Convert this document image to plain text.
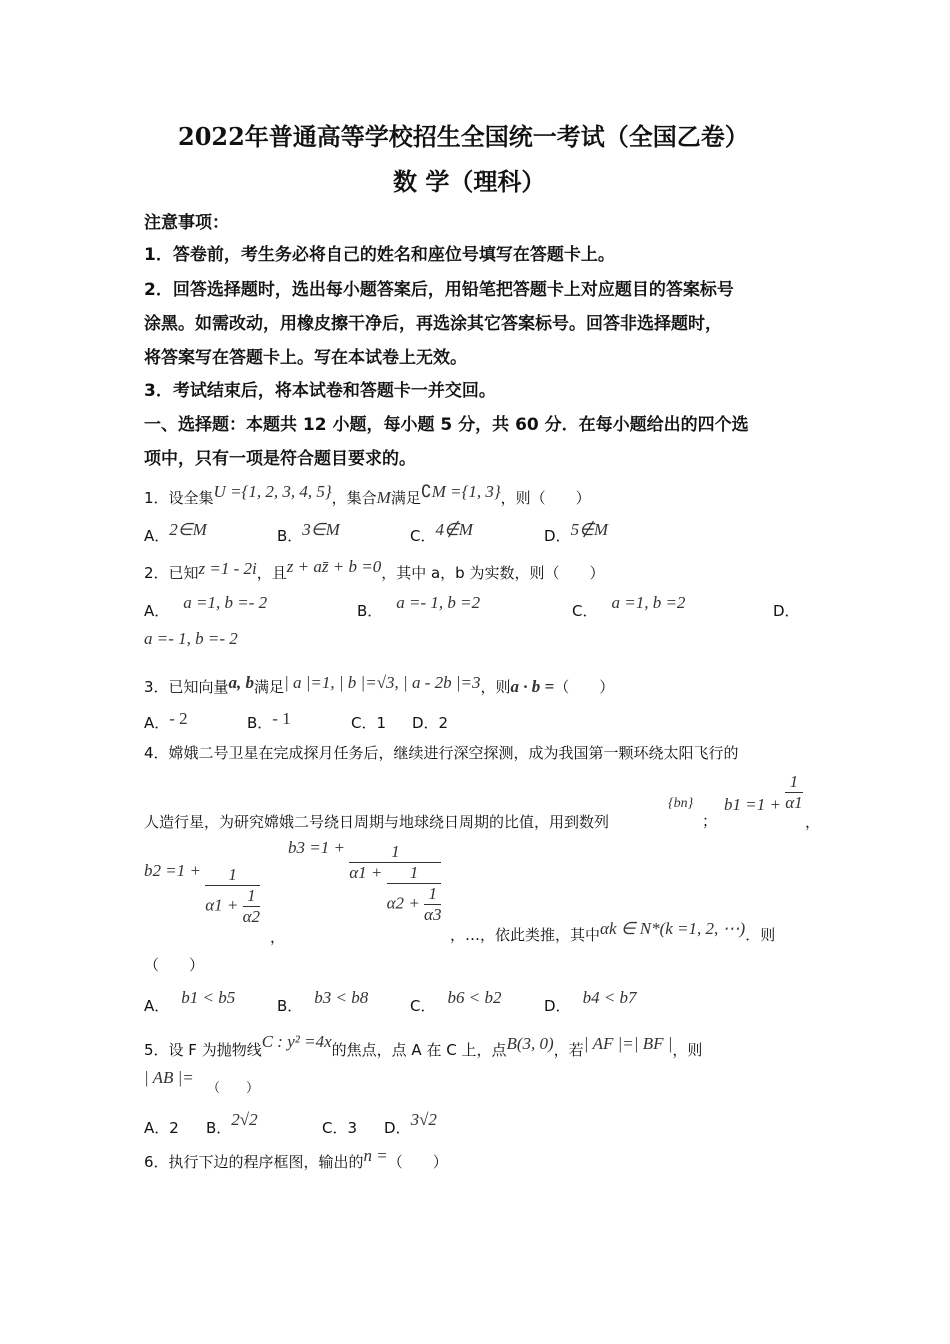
2022年普通高等学校招生全国统一考试（全国乙卷）
数 学（理科）
注意事项：
1．答卷前，考生务必将自己的姓名和座位号填写在答题卡上。
2．回答选择题时，选出每小题答案后，用铅笔把答题卡上对应题目的答案标号
涂黑。如需改动，用橡皮擦干净后，再选涂其它答案标号。回答非选择题时，
将答案写在答题卡上。写在本试卷上无效。
3．考试结束后，将本试卷和答题卡一并交回。
一、选择题：本题共 12 小题，每小题 5 分，共 60 分．在每小题给出的四个选
项中，只有一项是符合题目要求的。
1．设全集U ={1, 2, 3, 4, 5}，集合M满足∁M ={1, 3}，则（　　）
A．2∈M	B．3∈M	C．4∉M	D．5∉M
2．已知z =1 - 2i，且z + az̄ + b =0，其中 a，b 为实数，则（　　）
A． a =1, b =- 2	B． a =- 1, b =2	C． a =1, b =2	D．
a =- 1, b =- 2
3．已知向量a, b满足| a |=1, | b |=√3, | a - 2b |=3，则a · b =（　　）
A．- 2	B．- 1	C．1 D．2
4．嫦娥二号卫星在完成探月任务后，继续进行深空探测，成为我国第一颗环绕太阳飞行的
人造行星，为研究嫦娥二号绕日周期与地球绕日周期的比值，用到数列
{bn}
；
$b1 =1 + \frac{1}{\alpha 1}$
，
$b2 =1 + \frac{1}{\alpha 1 + \frac{1}{\alpha 2}}$
，
$b3 =1 + \frac{1}{\alpha 1 + \frac{1}{\alpha 2 + \frac{1}{\alpha 3}}}$
，…，依此类推，其中αk ∈ N*(k =1, 2, ⋯)．则
（　　）
A． b1 < b5	B． b3 < b8	C． b6 < b2	D． b4 < b7
5．设 F 为抛物线C : y² =4x的焦点，点 A 在 C 上，点B(3, 0)，若| AF |=| BF |，则
| AB |=
（　　）
A．2 B．2√2	C．3 D．3√2
6．执行下边的程序框图，输出的n =（　　）
